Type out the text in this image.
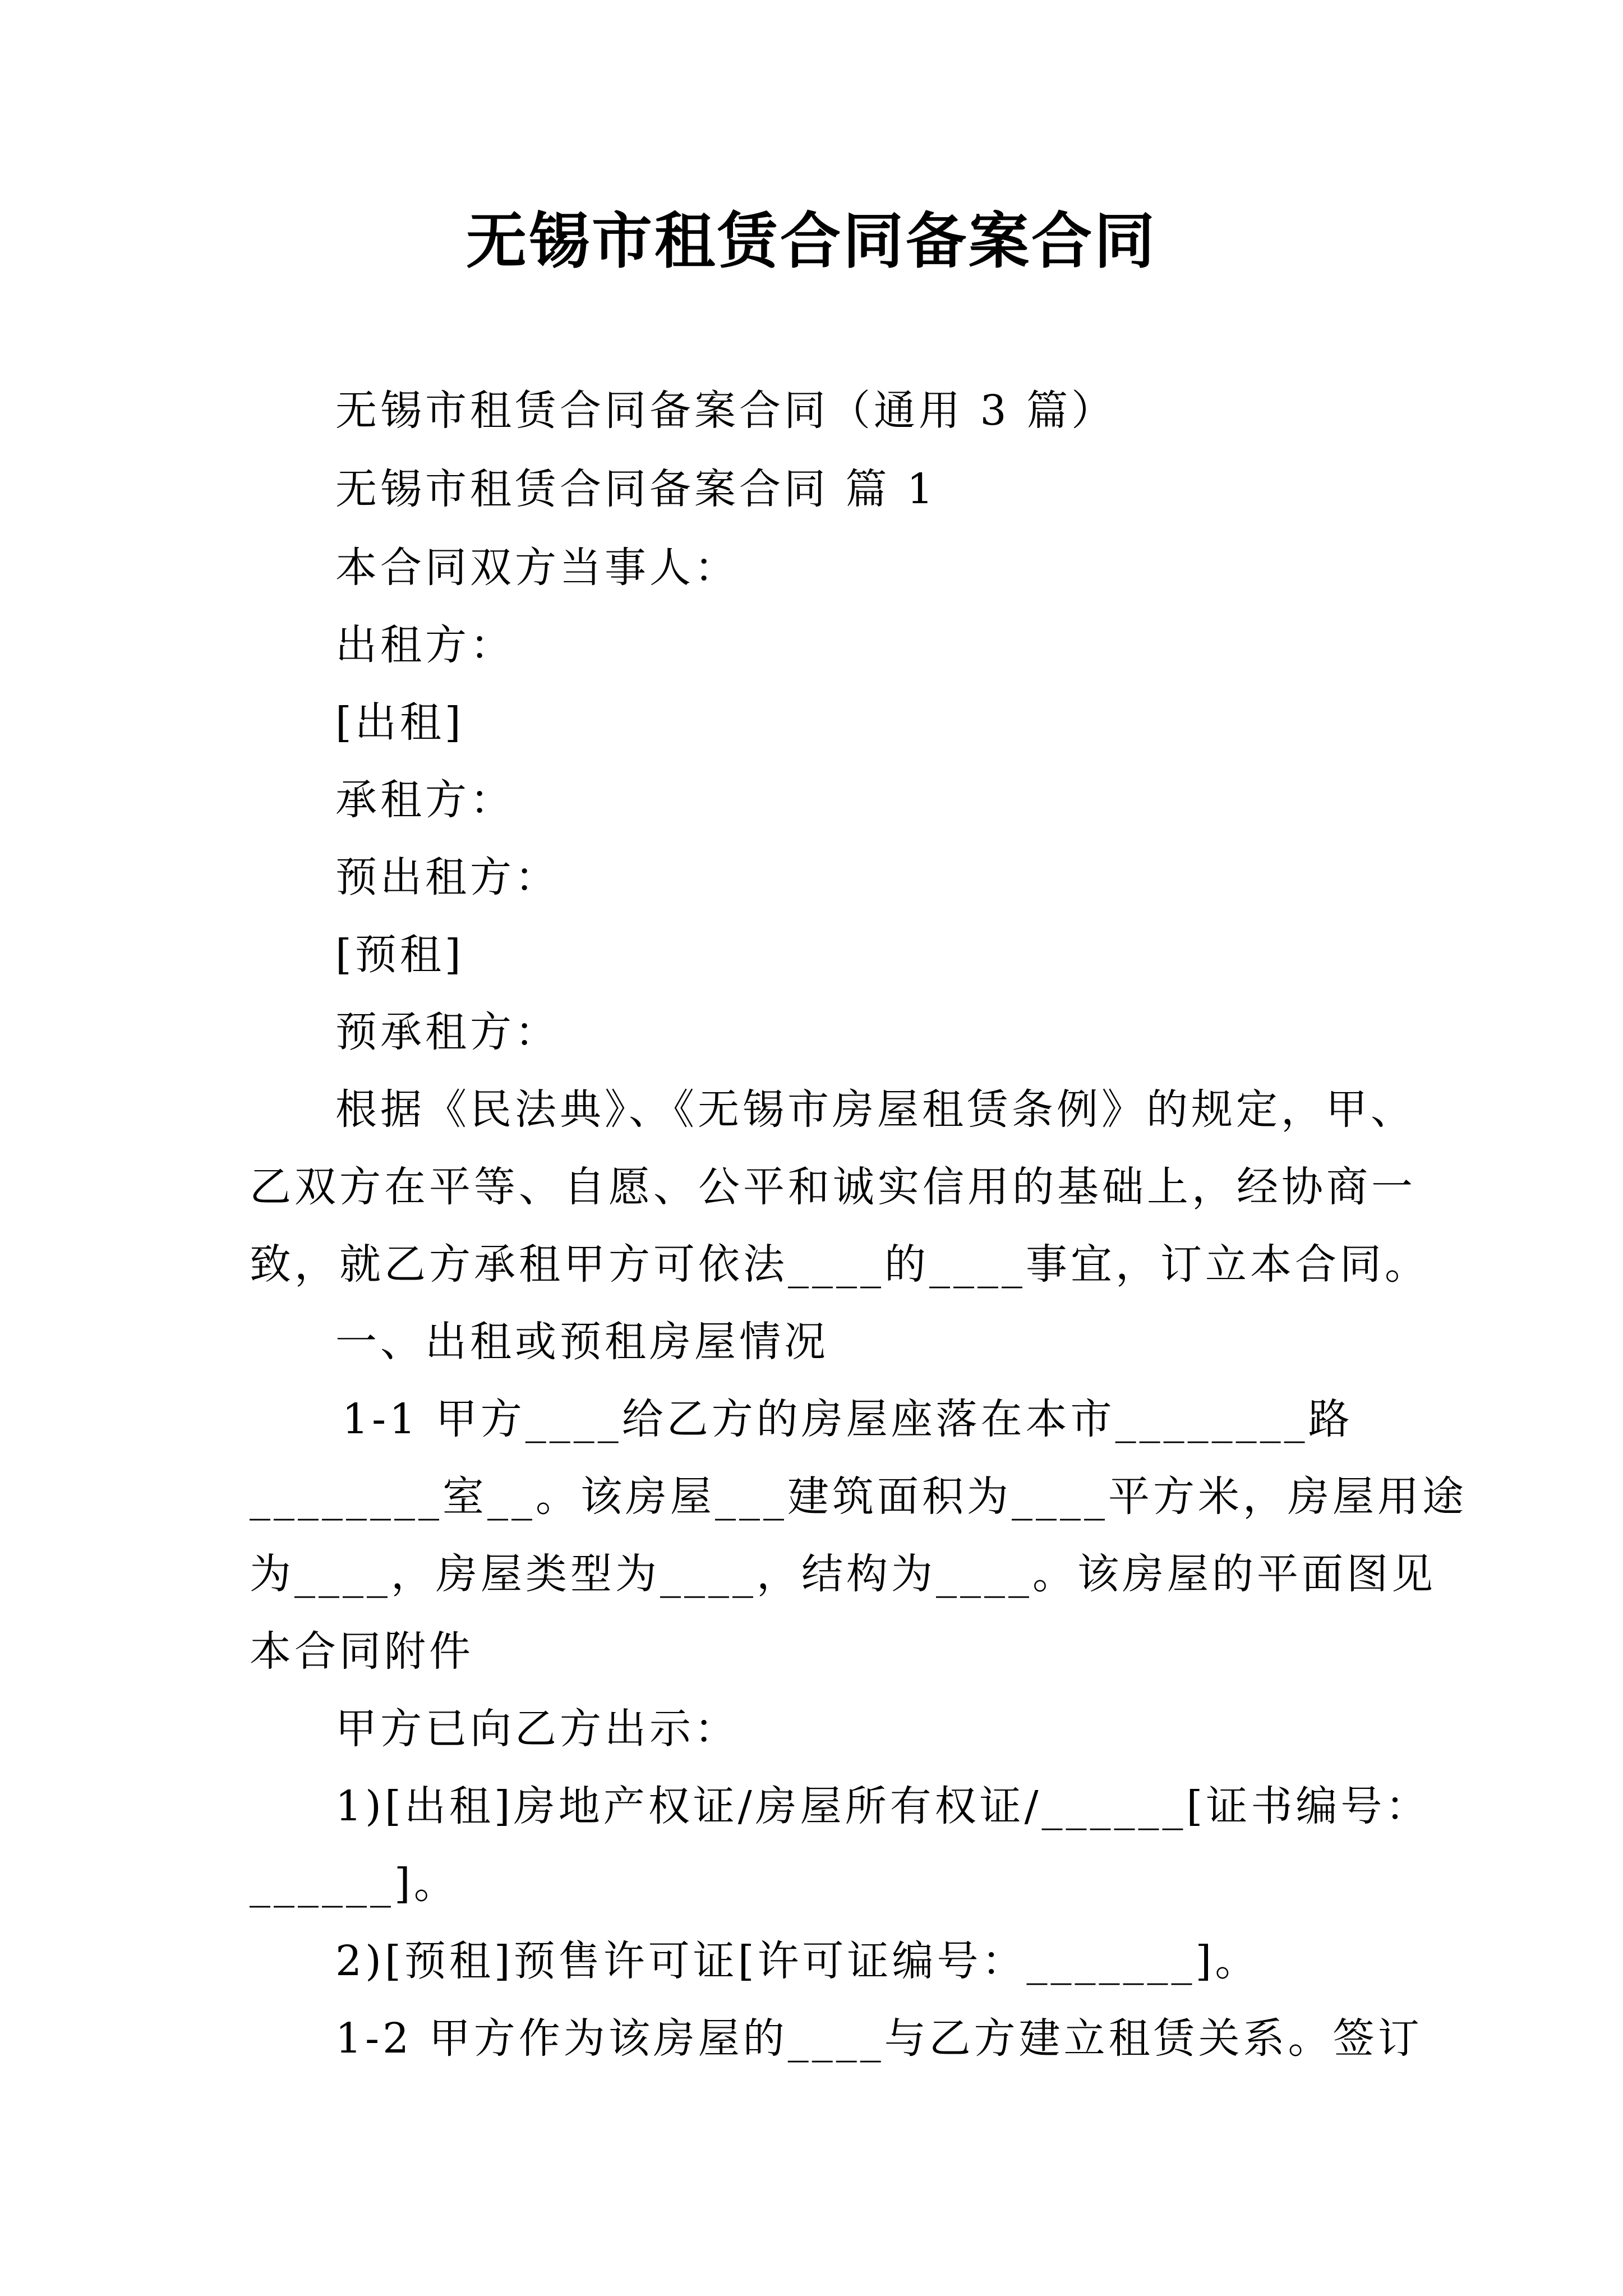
无锡市租赁合同备案合同

无锡市租赁合同备案合同（通用 3 篇）

无锡市租赁合同备案合同 篇 1

本合同双方当事人：

出租方：

[出租]

承租方：

预出租方：

[预租]

预承租方：

根据《民法典》、《无锡市房屋租赁条例》的规定，甲、

乙双方在平等、自愿、公平和诚实信用的基础上，经协商一

致，就乙方承租甲方可依法____的____事宜，订立本合同。

一、出租或预租房屋情况

1-1 甲方____给乙方的房屋座落在本市________路

________室__。该房屋___建筑面积为____平方米，房屋用途

为____，房屋类型为____，结构为____。该房屋的平面图见

本合同附件

甲方已向乙方出示：

1)[出租]房地产权证/房屋所有权证/______[证书编号：

______]。

2)[预租]预售许可证[许可证编号：_______]。

1-2 甲方作为该房屋的____与乙方建立租赁关系。签订
